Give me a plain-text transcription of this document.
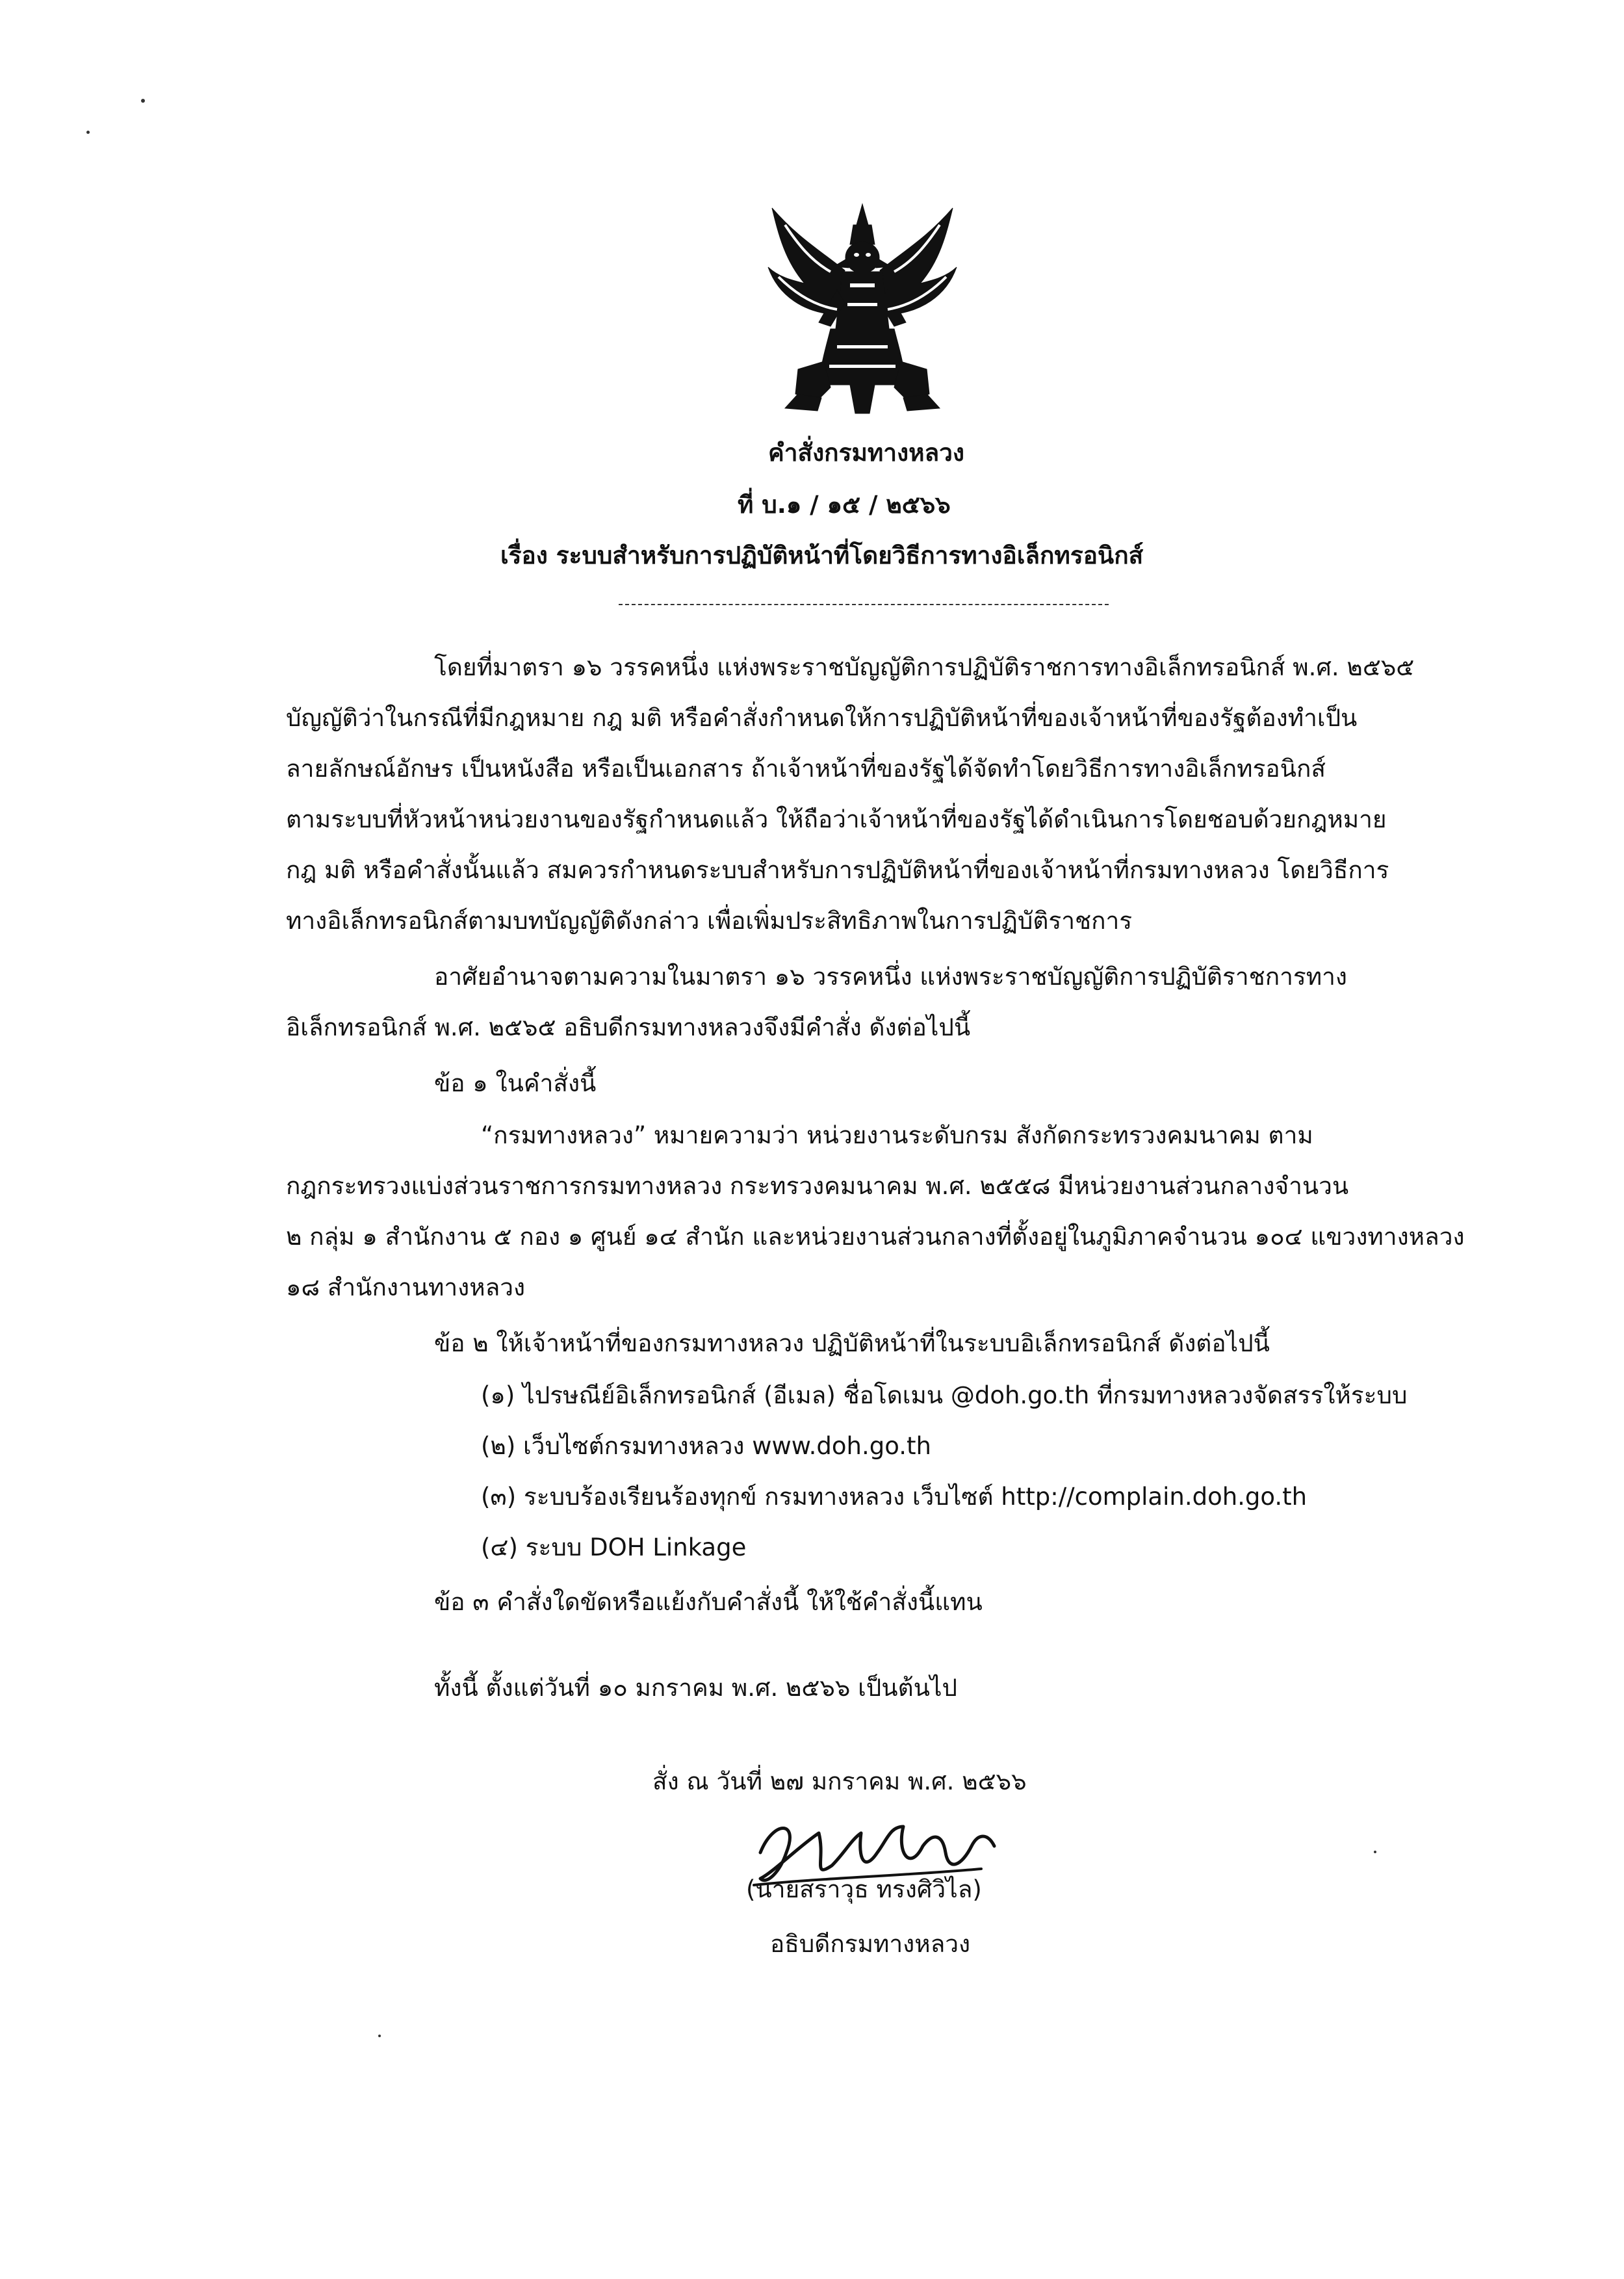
คำสั่งกรมทางหลวง
ที่ บ.๑ / ๑๕ / ๒๕๖๖
เรื่อง ระบบสำหรับการปฏิบัติหน้าที่โดยวิธีการทางอิเล็กทรอนิกส์
โดยที่มาตรา ๑๖ วรรคหนึ่ง แห่งพระราชบัญญัติการปฏิบัติราชการทางอิเล็กทรอนิกส์ พ.ศ. ๒๕๖๕
บัญญัติว่าในกรณีที่มีกฎหมาย กฎ มติ หรือคำสั่งกำหนดให้การปฏิบัติหน้าที่ของเจ้าหน้าที่ของรัฐต้องทำเป็น
ลายลักษณ์อักษร เป็นหนังสือ หรือเป็นเอกสาร ถ้าเจ้าหน้าที่ของรัฐได้จัดทำโดยวิธีการทางอิเล็กทรอนิกส์
ตามระบบที่หัวหน้าหน่วยงานของรัฐกำหนดแล้ว ให้ถือว่าเจ้าหน้าที่ของรัฐได้ดำเนินการโดยชอบด้วยกฎหมาย
กฎ มติ หรือคำสั่งนั้นแล้ว สมควรกำหนดระบบสำหรับการปฏิบัติหน้าที่ของเจ้าหน้าที่กรมทางหลวง โดยวิธีการ
ทางอิเล็กทรอนิกส์ตามบทบัญญัติดังกล่าว เพื่อเพิ่มประสิทธิภาพในการปฏิบัติราชการ
อาศัยอำนาจตามความในมาตรา ๑๖ วรรคหนึ่ง แห่งพระราชบัญญัติการปฏิบัติราชการทาง
อิเล็กทรอนิกส์ พ.ศ. ๒๕๖๕ อธิบดีกรมทางหลวงจึงมีคำสั่ง ดังต่อไปนี้
ข้อ ๑ ในคำสั่งนี้
“กรมทางหลวง” หมายความว่า หน่วยงานระดับกรม สังกัดกระทรวงคมนาคม ตาม
กฎกระทรวงแบ่งส่วนราชการกรมทางหลวง กระทรวงคมนาคม พ.ศ. ๒๕๕๘ มีหน่วยงานส่วนกลางจำนวน
๒ กลุ่ม ๑ สำนักงาน ๕ กอง ๑ ศูนย์ ๑๔ สำนัก และหน่วยงานส่วนกลางที่ตั้งอยู่ในภูมิภาคจำนวน ๑๐๔ แขวงทางหลวง
๑๘ สำนักงานทางหลวง
ข้อ ๒ ให้เจ้าหน้าที่ของกรมทางหลวง ปฏิบัติหน้าที่ในระบบอิเล็กทรอนิกส์ ดังต่อไปนี้
(๑) ไปรษณีย์อิเล็กทรอนิกส์ (อีเมล) ชื่อโดเมน @doh.go.th ที่กรมทางหลวงจัดสรรให้ระบบ
(๒) เว็บไซต์กรมทางหลวง www.doh.go.th
(๓) ระบบร้องเรียนร้องทุกข์ กรมทางหลวง เว็บไซต์ http://complain.doh.go.th
(๔) ระบบ DOH Linkage
ข้อ ๓ คำสั่งใดขัดหรือแย้งกับคำสั่งนี้ ให้ใช้คำสั่งนี้แทน
ทั้งนี้ ตั้งแต่วันที่ ๑๐ มกราคม พ.ศ. ๒๕๖๖ เป็นต้นไป
สั่ง ณ วันที่ ๒๗ มกราคม พ.ศ. ๒๕๖๖
(นายสราวุธ ทรงศิวิไล)
อธิบดีกรมทางหลวง
